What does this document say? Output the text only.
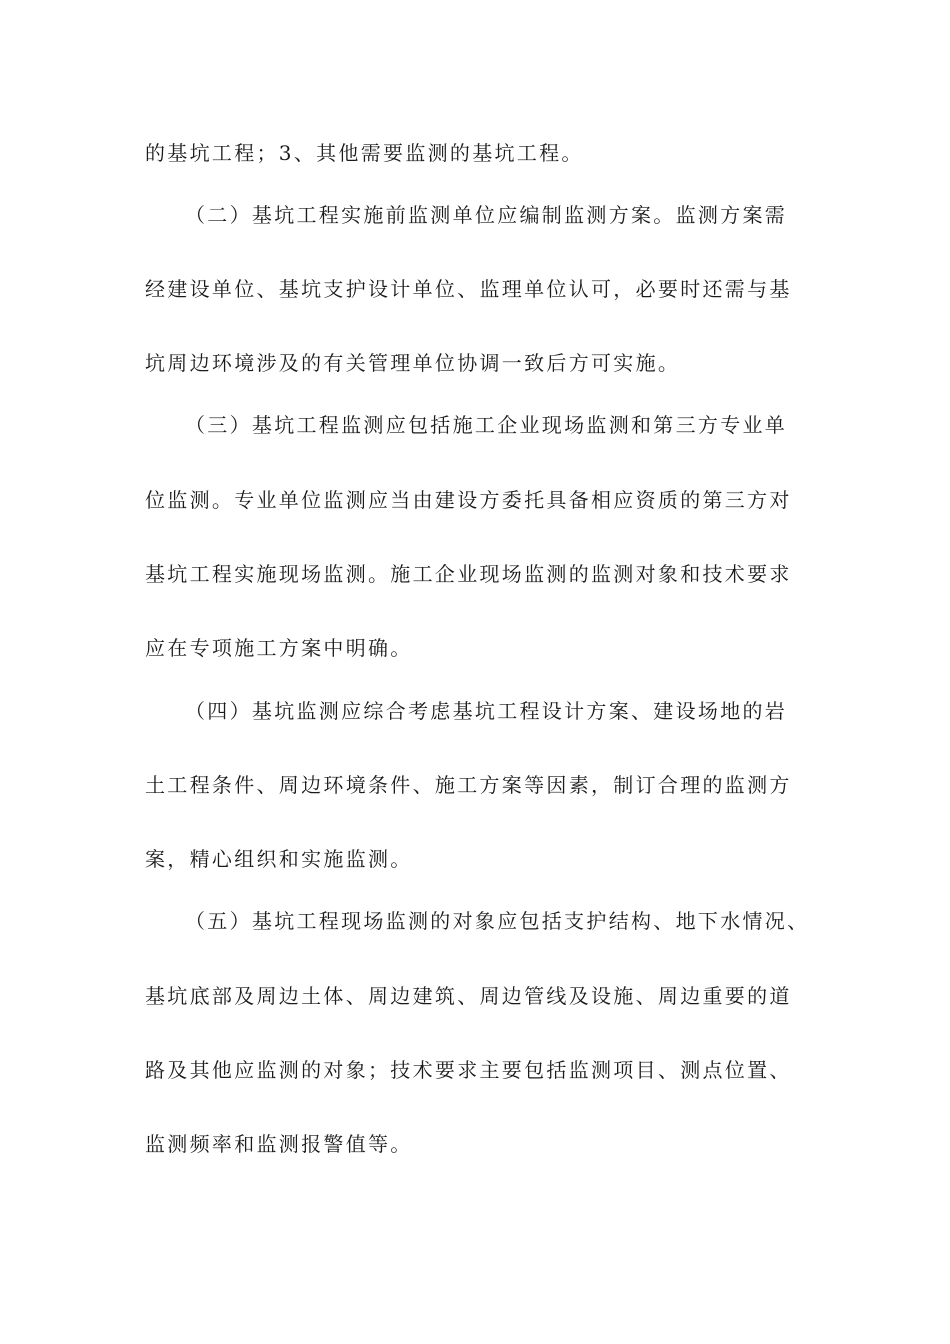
的基坑工程；3、其他需要监测的基坑工程。
（二）基坑工程实施前监测单位应编制监测方案。监测方案需
经建设单位、基坑支护设计单位、监理单位认可，必要时还需与基
坑周边环境涉及的有关管理单位协调一致后方可实施。
（三）基坑工程监测应包括施工企业现场监测和第三方专业单
位监测。专业单位监测应当由建设方委托具备相应资质的第三方对
基坑工程实施现场监测。施工企业现场监测的监测对象和技术要求
应在专项施工方案中明确。
（四）基坑监测应综合考虑基坑工程设计方案、建设场地的岩
土工程条件、周边环境条件、施工方案等因素，制订合理的监测方
案，精心组织和实施监测。
（五）基坑工程现场监测的对象应包括支护结构、地下水情况、
基坑底部及周边土体、周边建筑、周边管线及设施、周边重要的道
路及其他应监测的对象；技术要求主要包括监测项目、测点位置、
监测频率和监测报警值等。
